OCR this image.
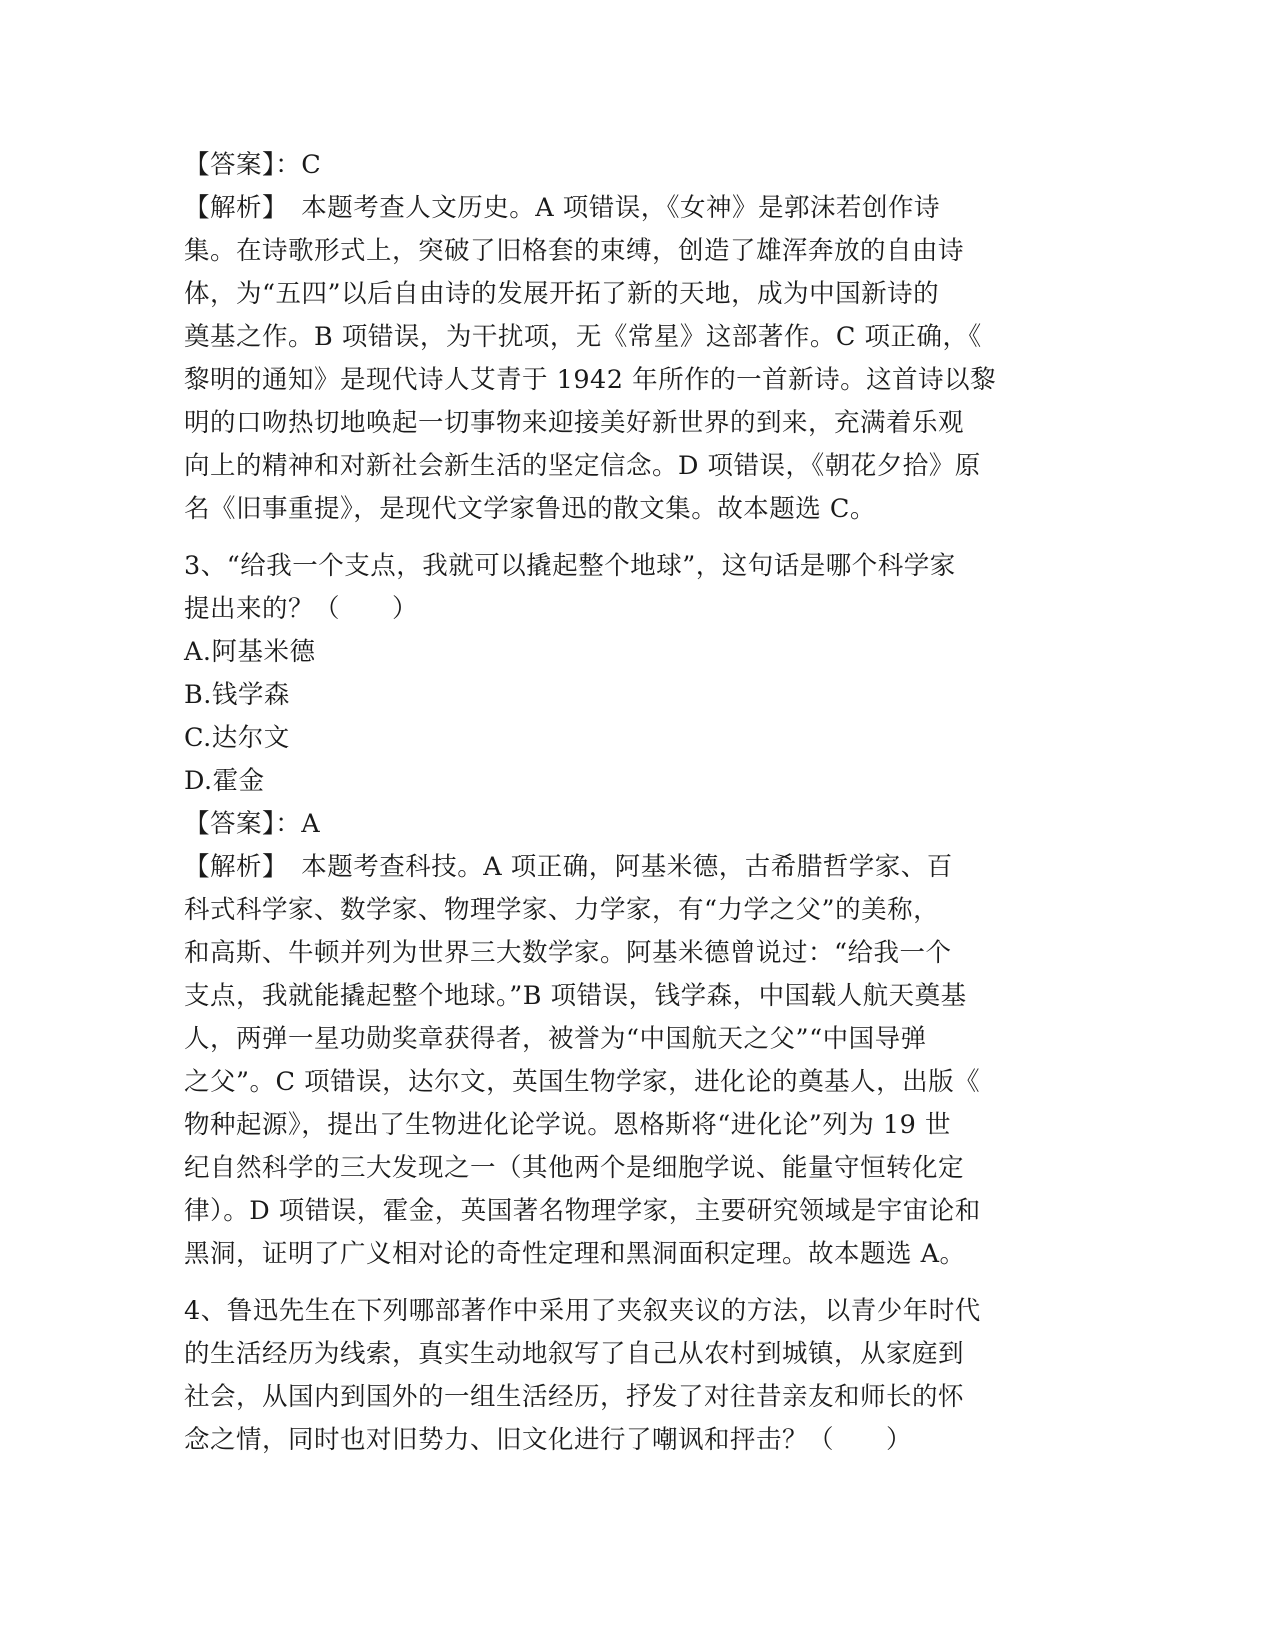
【答案】：C
【解析】　本题考查人文历史。A 项错误，《女神》是郭沫若创作诗
集。在诗歌形式上，突破了旧格套的束缚，创造了雄浑奔放的自由诗
体，为“五四”以后自由诗的发展开拓了新的天地，成为中国新诗的
奠基之作。B 项错误，为干扰项，无《常星》这部著作。C 项正确，《
黎明的通知》是现代诗人艾青于 1942 年所作的一首新诗。这首诗以黎
明的口吻热切地唤起一切事物来迎接美好新世界的到来，充满着乐观
向上的精神和对新社会新生活的坚定信念。D 项错误，《朝花夕拾》原
名《旧事重提》，是现代文学家鲁迅的散文集。故本题选 C。
3、“给我一个支点，我就可以撬起整个地球”，这句话是哪个科学家
提出来的？（　　）
A.阿基米德
B.钱学森
C.达尔文
D.霍金
【答案】：A
【解析】　本题考查科技。A 项正确，阿基米德，古希腊哲学家、百
科式科学家、数学家、物理学家、力学家，有“力学之父”的美称，
和高斯、牛顿并列为世界三大数学家。阿基米德曾说过：“给我一个
支点，我就能撬起整个地球。”B 项错误，钱学森，中国载人航天奠基
人，两弹一星功勋奖章获得者，被誉为“中国航天之父”“中国导弹
之父”。C 项错误，达尔文，英国生物学家，进化论的奠基人，出版《
物种起源》，提出了生物进化论学说。恩格斯将“进化论”列为 19 世
纪自然科学的三大发现之一（其他两个是细胞学说、能量守恒转化定
律）。D 项错误，霍金，英国著名物理学家，主要研究领域是宇宙论和
黑洞，证明了广义相对论的奇性定理和黑洞面积定理。故本题选 A。
4、鲁迅先生在下列哪部著作中采用了夹叙夹议的方法，以青少年时代
的生活经历为线索，真实生动地叙写了自己从农村到城镇，从家庭到
社会，从国内到国外的一组生活经历，抒发了对往昔亲友和师长的怀
念之情，同时也对旧势力、旧文化进行了嘲讽和抨击？（　　）
